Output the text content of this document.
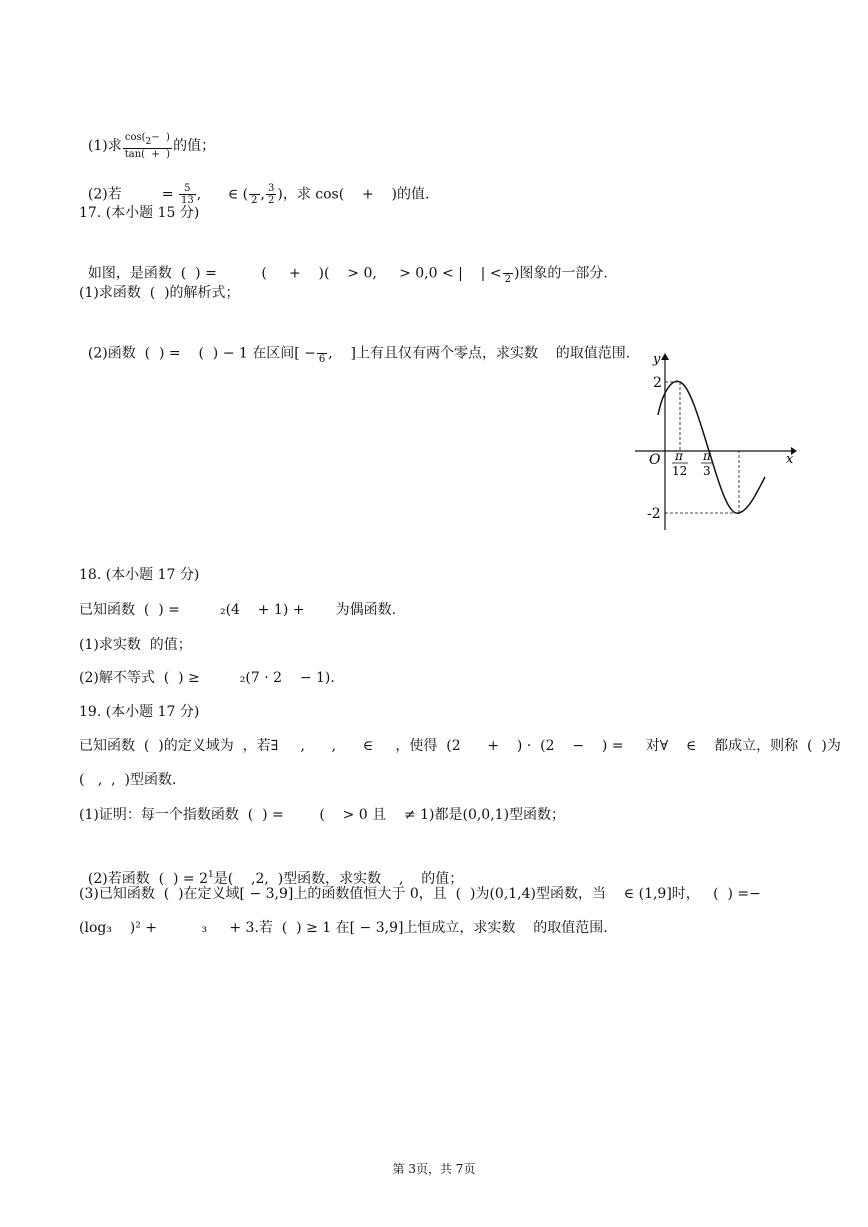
(1)求 $\frac{\cos(2- )}{\tan( + )}$ 的值；

(2)若         = $\frac{5}{13}$ ,      ∈ (
2 , $\frac{3}{2}$ )，求 cos(    +    )的值.

17. (本小题 15 分)

如图，是函数  (  ) =          (     +    )(    > 0,     > 0,0 < |    | <
2 )图象的一部分.

(1)求函数  (  )的解析式；

(2)函数  (  ) =    (  ) − 1 在区间[ −
6 ,    ]上有且仅有两个零点，求实数    的取值范围. y
x
O
2
-2
π
12
π
3
18. (本小题 17 分)
已知函数  (  ) =         ₂(4    + 1) +       为偶函数.
(1)求实数  的值；
(2)解不等式  (  ) ≥         ₂(7 · 2    − 1).
19. (本小题 17 分)
已知函数  (  )的定义域为  ，若∃     ,      ,      ∈     ，使得  (2      +    ) ·  (2    −    ) =     对∀    ∈    都成立，则称  (  )为
(   ,  ,  )型函数.
(1)证明：每一个指数函数  (  ) =        (    > 0 且    ≠ 1)都是(0,0,1)型函数；

(2)若函数  (  ) = $2^1$是(    ,2,  )型函数，求实数    ,    的值；

(3)已知函数  (  )在定义域[ − 3,9]上的函数值恒大于 0，且  (  )为(0,1,4)型函数，当    ∈ (1,9]时，   (  ) =−
(log₃    )² +          ₃     + 3.若  (  ) ≥ 1 在[ − 3,9]上恒成立，求实数    的取值范围.
第 3页，共 7页
